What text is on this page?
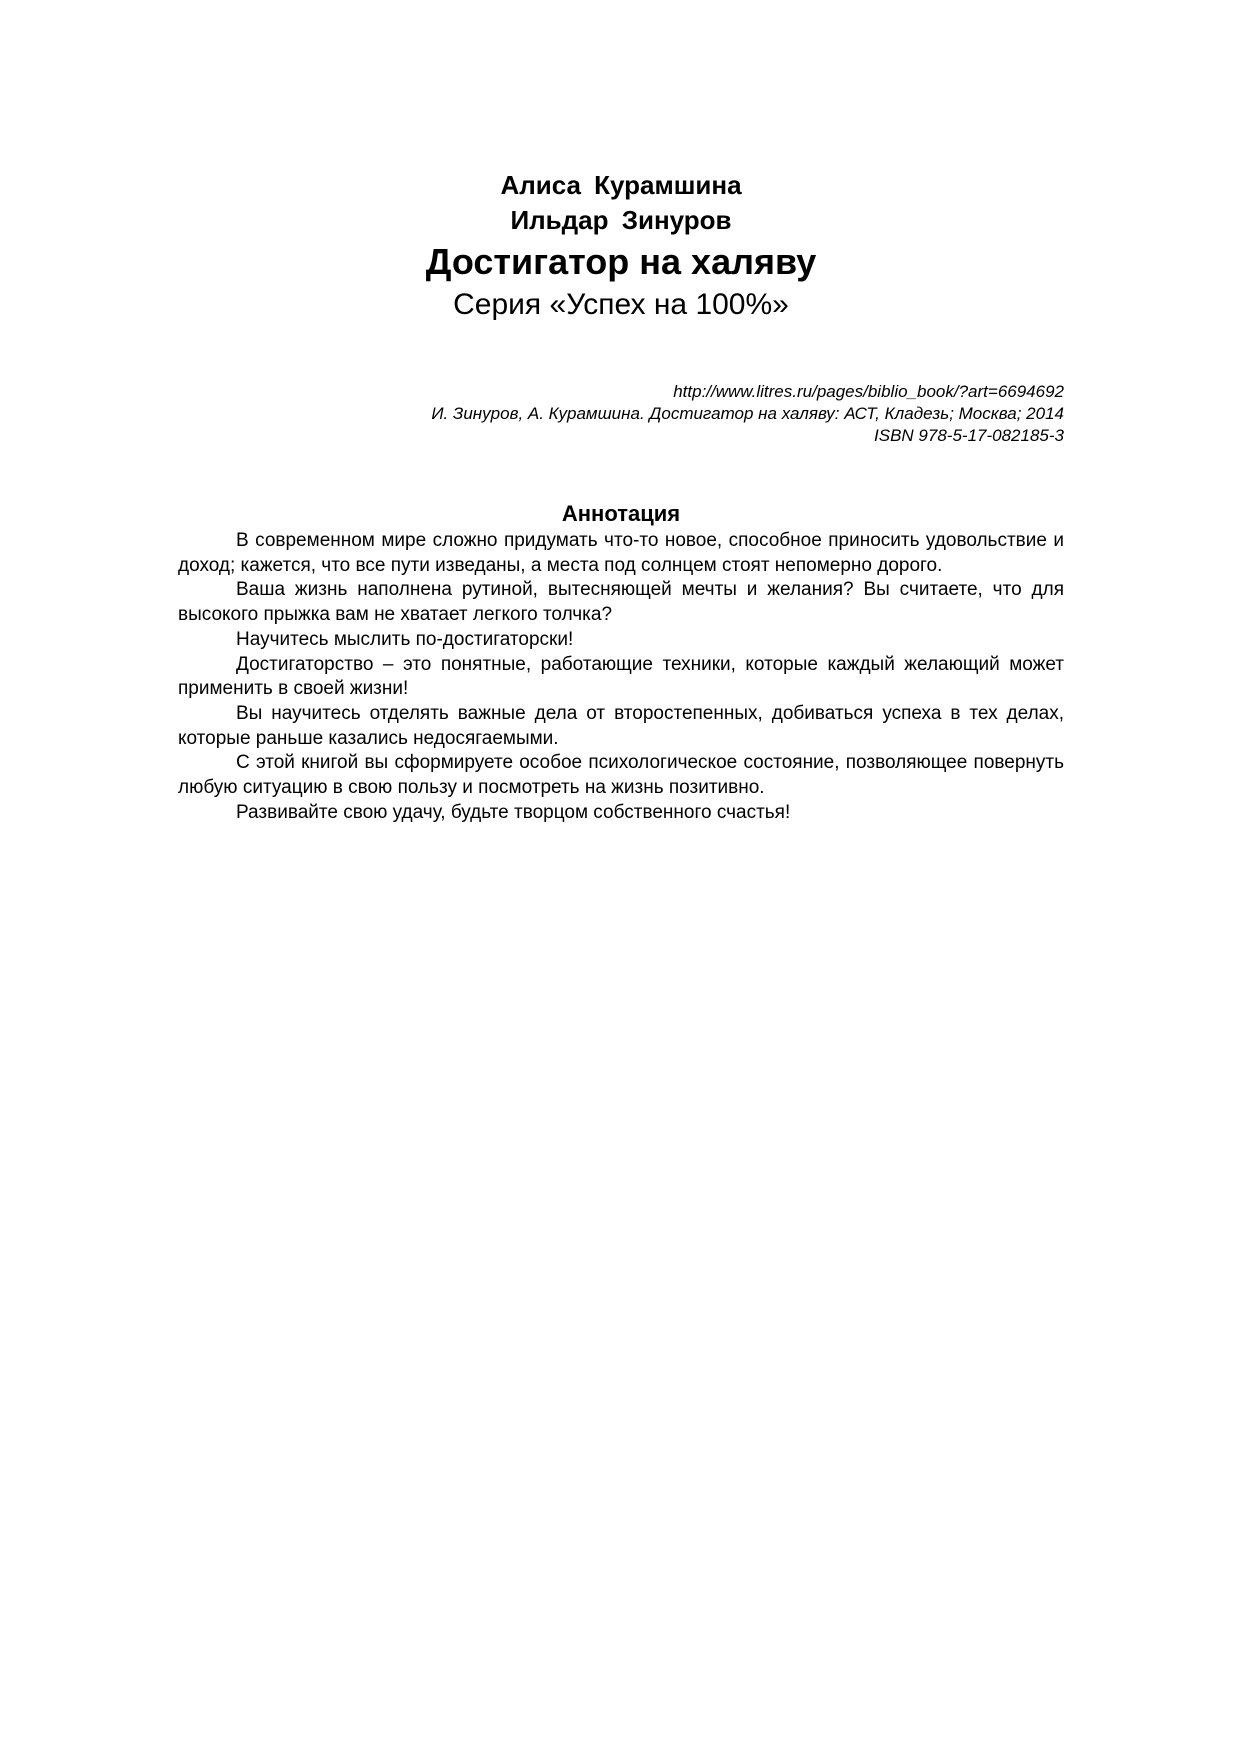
Алиса Курамшина
Ильдар Зинуров
Достигатор на халяву
Серия «Успех на 100%»
http://www.litres.ru/pages/biblio_book/?art=6694692
И. Зинуров, А. Курамшина. Достигатор на халяву: АСТ, Кладезь; Москва; 2014
ISBN 978-5-17-082185-3
Аннотация

В современном мире сложно придумать что-то новое, способное приносить удовольствие и доход; кажется, что все пути изведаны, а места под солнцем стоят непомерно дорого.

Ваша жизнь наполнена рутиной, вытесняющей мечты и желания? Вы считаете, что для высокого прыжка вам не хватает легкого толчка?

Научитесь мыслить по-достигаторски!

Достигаторство – это понятные, работающие техники, которые каждый желающий может применить в своей жизни!

Вы научитесь отделять важные дела от второстепенных, добиваться успеха в тех делах, которые раньше казались недосягаемыми.

С этой книгой вы сформируете особое психологическое состояние, позволяющее повернуть любую ситуацию в свою пользу и посмотреть на жизнь позитивно.

Развивайте свою удачу, будьте творцом собственного счастья!
